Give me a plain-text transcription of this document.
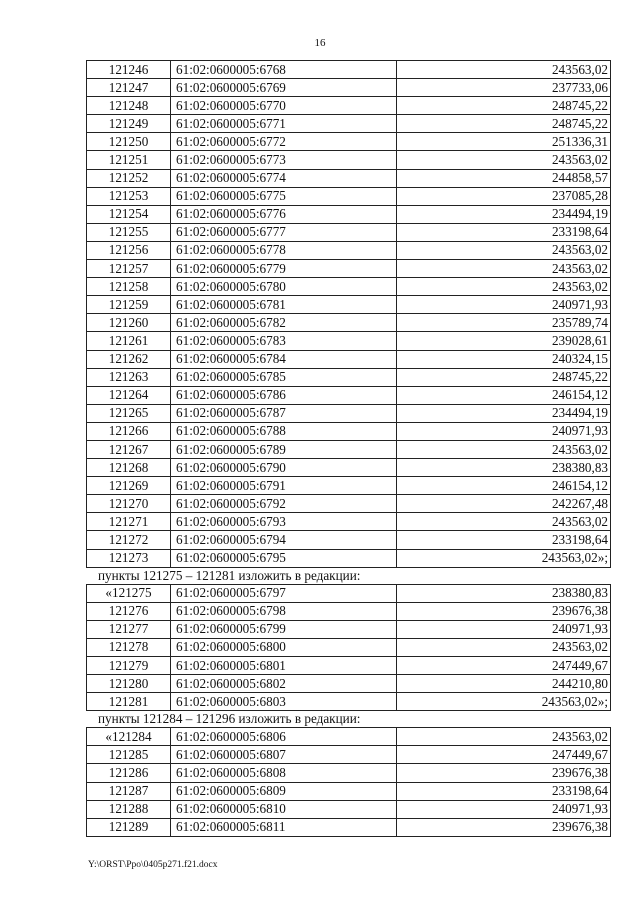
16
121246	61:02:0600005:6768	243563,02
121247	61:02:0600005:6769	237733,06
121248	61:02:0600005:6770	248745,22
121249	61:02:0600005:6771	248745,22
121250	61:02:0600005:6772	251336,31
121251	61:02:0600005:6773	243563,02
121252	61:02:0600005:6774	244858,57
121253	61:02:0600005:6775	237085,28
121254	61:02:0600005:6776	234494,19
121255	61:02:0600005:6777	233198,64
121256	61:02:0600005:6778	243563,02
121257	61:02:0600005:6779	243563,02
121258	61:02:0600005:6780	243563,02
121259	61:02:0600005:6781	240971,93
121260	61:02:0600005:6782	235789,74
121261	61:02:0600005:6783	239028,61
121262	61:02:0600005:6784	240324,15
121263	61:02:0600005:6785	248745,22
121264	61:02:0600005:6786	246154,12
121265	61:02:0600005:6787	234494,19
121266	61:02:0600005:6788	240971,93
121267	61:02:0600005:6789	243563,02
121268	61:02:0600005:6790	238380,83
121269	61:02:0600005:6791	246154,12
121270	61:02:0600005:6792	242267,48
121271	61:02:0600005:6793	243563,02
121272	61:02:0600005:6794	233198,64
121273	61:02:0600005:6795	243563,02»;
пункты 121275 – 121281 изложить в редакции:
«121275	61:02:0600005:6797	238380,83
121276	61:02:0600005:6798	239676,38
121277	61:02:0600005:6799	240971,93
121278	61:02:0600005:6800	243563,02
121279	61:02:0600005:6801	247449,67
121280	61:02:0600005:6802	244210,80
121281	61:02:0600005:6803	243563,02»;
пункты 121284 – 121296 изложить в редакции:
«121284	61:02:0600005:6806	243563,02
121285	61:02:0600005:6807	247449,67
121286	61:02:0600005:6808	239676,38
121287	61:02:0600005:6809	233198,64
121288	61:02:0600005:6810	240971,93
121289	61:02:0600005:6811	239676,38
Y:\ORST\Ppo\0405p271.f21.docx
